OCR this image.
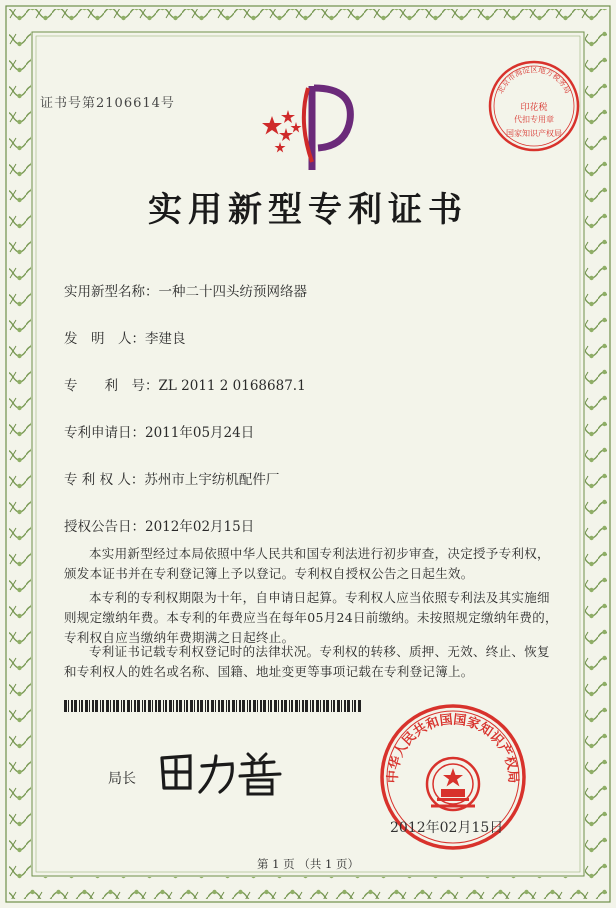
证书号第2106614号
北京市海淀区地方税务局
印花税
代扣专用章
国家知识产权局
实用新型专利证书
实用新型名称：一种二十四头纺预网络器
发　明　人：李建良
专　　利　号：ZL 2011 2 0168687.1
专利申请日：2011年05月24日
专 利 权 人：苏州市上宇纺机配件厂
授权公告日：2012年02月15日
本实用新型经过本局依照中华人民共和国专利法进行初步审查，决定授予专利权，颁发本证书并在专利登记簿上予以登记。专利权自授权公告之日起生效。
本专利的专利权期限为十年，自申请日起算。专利权人应当依照专利法及其实施细则规定缴纳年费。本专利的年费应当在每年05月24日前缴纳。未按照规定缴纳年费的，专利权自应当缴纳年费期满之日起终止。
专利证书记载专利权登记时的法律状况。专利权的转移、质押、无效、终止、恢复和专利权人的姓名或名称、国籍、地址变更等事项记载在专利登记簿上。
局长	中华人民共和国国家知识产权局
2012年02月15日
第 1 页 （共 1 页）
